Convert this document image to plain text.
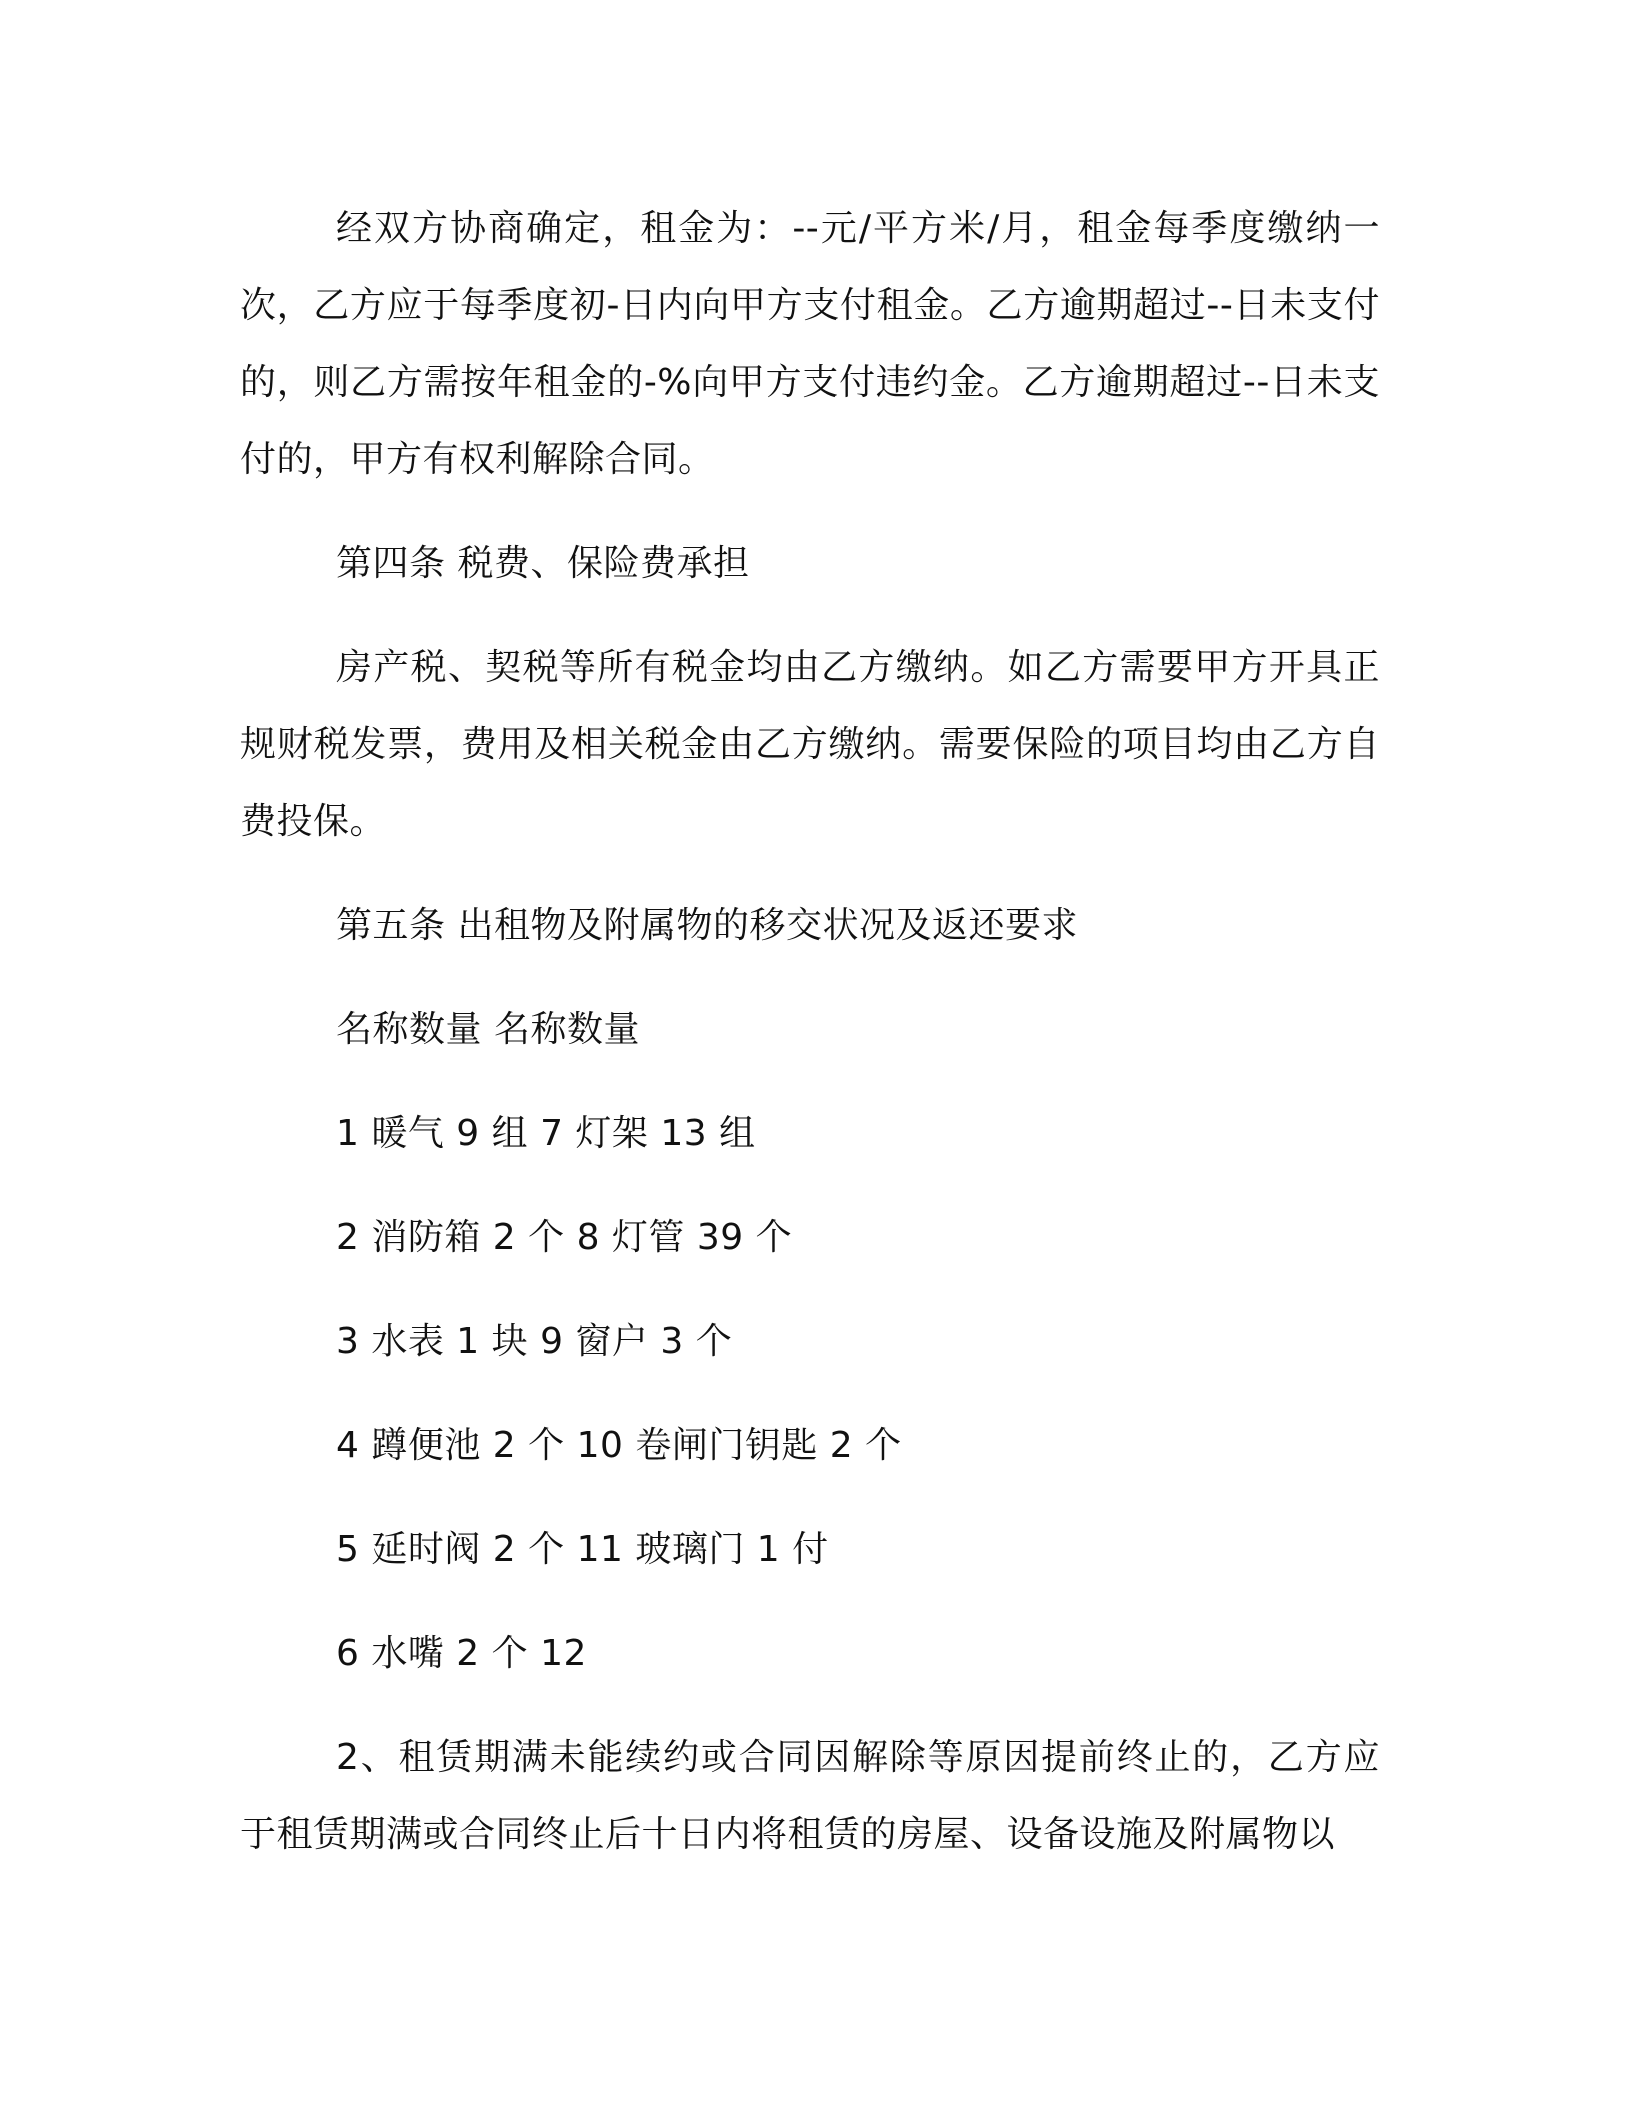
经双方协商确定，租金为：--元/平方米/月，租金每季度缴纳一次，乙方应于每季度初-日内向甲方支付租金。乙方逾期超过--日未支付的，则乙方需按年租金的-%向甲方支付违约金。乙方逾期超过--日未支付的，甲方有权利解除合同。

第四条 税费、保险费承担

房产税、契税等所有税金均由乙方缴纳。如乙方需要甲方开具正规财税发票，费用及相关税金由乙方缴纳。需要保险的项目均由乙方自费投保。

第五条 出租物及附属物的移交状况及返还要求

名称数量 名称数量

1 暖气 9 组 7 灯架 13 组

2 消防箱 2 个 8 灯管 39 个

3 水表 1 块 9 窗户 3 个

4 蹲便池 2 个 10 卷闸门钥匙 2 个

5 延时阀 2 个 11 玻璃门 1 付

6 水嘴 2 个 12

2、租赁期满未能续约或合同因解除等原因提前终止的，乙方应于租赁期满或合同终止后十日内将租赁的房屋、设备设施及附属物以
